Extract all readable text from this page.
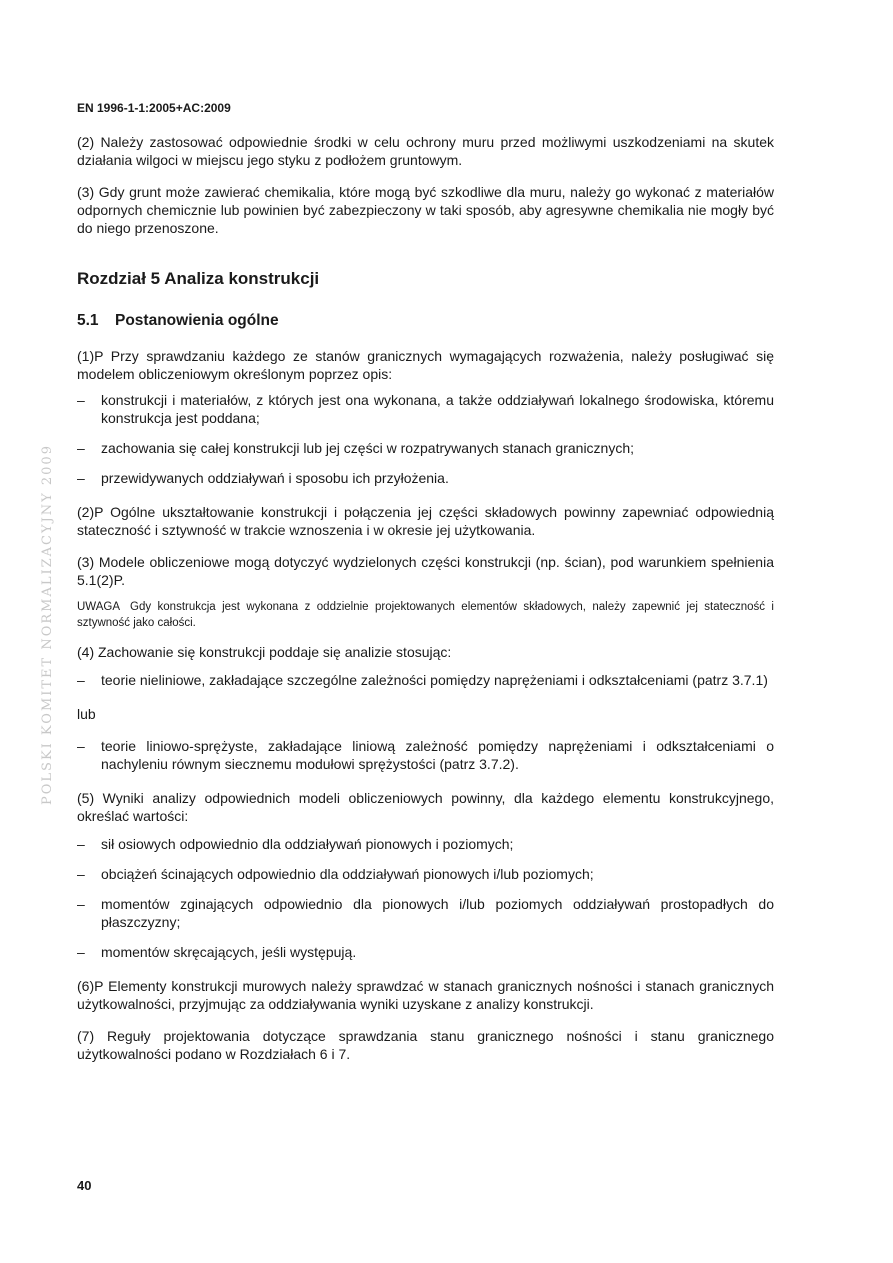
POLSKI KOMITET NORMALIZACYJNY 2009
EN 1996-1-1:2005+AC:2009

(2) Należy zastosować odpowiednie środki w celu ochrony muru przed możliwymi uszkodzeniami na skutek działania wilgoci w miejscu jego styku z podłożem gruntowym.

(3) Gdy grunt może zawierać chemikalia, które mogą być szkodliwe dla muru, należy go wykonać z materiałów odpornych chemicznie lub powinien być zabezpieczony w taki sposób, aby agresywne chemikalia nie mogły być do niego przenoszone.

Rozdział 5 Analiza konstrukcji
5.1	Postanowienia ogólne

(1)P Przy sprawdzaniu każdego ze stanów granicznych wymagających rozważenia, należy posługiwać się modelem obliczeniowym określonym poprzez opis:

–	konstrukcji i materiałów, z których jest ona wykonana, a także oddziaływań lokalnego środowiska, któremu konstrukcja jest poddana;
–	zachowania się całej konstrukcji lub jej części w rozpatrywanych stanach granicznych;
–	przewidywanych oddziaływań i sposobu ich przyłożenia.

(2)P Ogólne ukształtowanie konstrukcji i połączenia jej części składowych powinny zapewniać odpowiednią stateczność i sztywność w trakcie wznoszenia i w okresie jej użytkowania.

(3) Modele obliczeniowe mogą dotyczyć wydzielonych części konstrukcji (np. ścian), pod warunkiem spełnienia 5.1(2)P.

UWAGA Gdy konstrukcja jest wykonana z oddzielnie projektowanych elementów składowych, należy zapewnić jej stateczność i sztywność jako całości.

(4) Zachowanie się konstrukcji poddaje się analizie stosując:

–	teorie nieliniowe, zakładające szczególne zależności pomiędzy naprężeniami i odkształceniami (patrz 3.7.1)
lub
–	teorie liniowo-sprężyste, zakładające liniową zależność pomiędzy naprężeniami i odkształceniami o nachyleniu równym siecznemu modułowi sprężystości (patrz 3.7.2).

(5) Wyniki analizy odpowiednich modeli obliczeniowych powinny, dla każdego elementu konstrukcyjnego, określać wartości:

–	sił osiowych odpowiednio dla oddziaływań pionowych i poziomych;
–	obciążeń ścinających odpowiednio dla oddziaływań pionowych i/lub poziomych;
–	momentów zginających odpowiednio dla pionowych i/lub poziomych oddziaływań prostopadłych do płaszczyzny;
–	momentów skręcających, jeśli występują.

(6)P Elementy konstrukcji murowych należy sprawdzać w stanach granicznych nośności i stanach granicznych użytkowalności, przyjmując za oddziaływania wyniki uzyskane z analizy konstrukcji.

(7) Reguły projektowania dotyczące sprawdzania stanu granicznego nośności i stanu granicznego użytkowalności podano w Rozdziałach 6 i 7.

40
